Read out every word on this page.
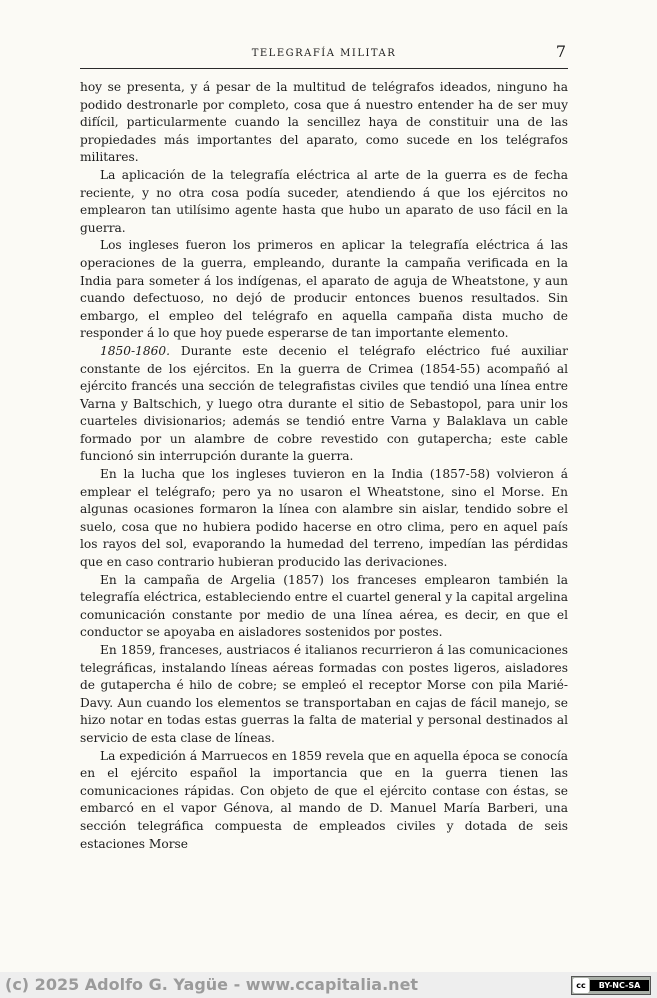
TELEGRAFÍA MILITAR	7

hoy se presenta, y á pesar de la multitud de telégrafos ideados, ninguno ha podido destronarle por completo, cosa que á nuestro entender ha de ser muy difícil, particularmente cuando la sencillez haya de constituir una de las propiedades más importantes del aparato, como sucede en los telégrafos militares.

La aplicación de la telegrafía eléctrica al arte de la guerra es de fecha reciente, y no otra cosa podía suceder, atendiendo á que los ejércitos no emplearon tan utilísimo agente hasta que hubo un aparato de uso fácil en la guerra.

Los ingleses fueron los primeros en aplicar la telegrafía eléctrica á las operaciones de la guerra, empleando, durante la campaña verificada en la India para someter á los indígenas, el aparato de aguja de Wheatstone, y aun cuando defectuoso, no dejó de producir entonces buenos resultados. Sin embargo, el empleo del telégrafo en aquella campaña dista mucho de responder á lo que hoy puede esperarse de tan importante elemento.

1850-1860. Durante este decenio el telégrafo eléctrico fué auxiliar constante de los ejércitos. En la guerra de Crimea (1854-55) acompañó al ejército francés una sección de telegrafistas civiles que tendió una línea entre Varna y Baltschich, y luego otra durante el sitio de Sebastopol, para unir los cuarteles divisionarios; además se tendió entre Varna y Balaklava un cable formado por un alambre de cobre revestido con gutapercha; este cable funcionó sin interrupción durante la guerra.

En la lucha que los ingleses tuvieron en la India (1857-58) volvieron á emplear el telégrafo; pero ya no usaron el Wheatstone, sino el Morse. En algunas ocasiones formaron la línea con alambre sin aislar, tendido sobre el suelo, cosa que no hubiera podido hacerse en otro clima, pero en aquel país los rayos del sol, evaporando la humedad del terreno, impedían las pérdidas que en caso contrario hubieran producido las derivaciones.

En la campaña de Argelia (1857) los franceses emplearon también la telegrafía eléctrica, estableciendo entre el cuartel general y la capital argelina comunicación constante por medio de una línea aérea, es decir, en que el conductor se apoyaba en aisladores sostenidos por postes.

En 1859, franceses, austriacos é italianos recurrieron á las comunicaciones telegráficas, instalando líneas aéreas formadas con postes ligeros, aisladores de gutapercha é hilo de cobre; se empleó el receptor Morse con pila Marié-Davy. Aun cuando los elementos se transportaban en cajas de fácil manejo, se hizo notar en todas estas guerras la falta de material y personal destinados al servicio de esta clase de líneas.

La expedición á Marruecos en 1859 revela que en aquella época se conocía en el ejército español la importancia que en la guerra tienen las comunicaciones rápidas. Con objeto de que el ejército contase con éstas, se embarcó en el vapor Génova, al mando de D. Manuel María Barberi, una sección telegráfica compuesta de empleados civiles y dotada de seis estaciones Morse

(c) 2025 Adolfo G. Yagüe - www.ccapitalia.net	cc	BY-NC-SA
